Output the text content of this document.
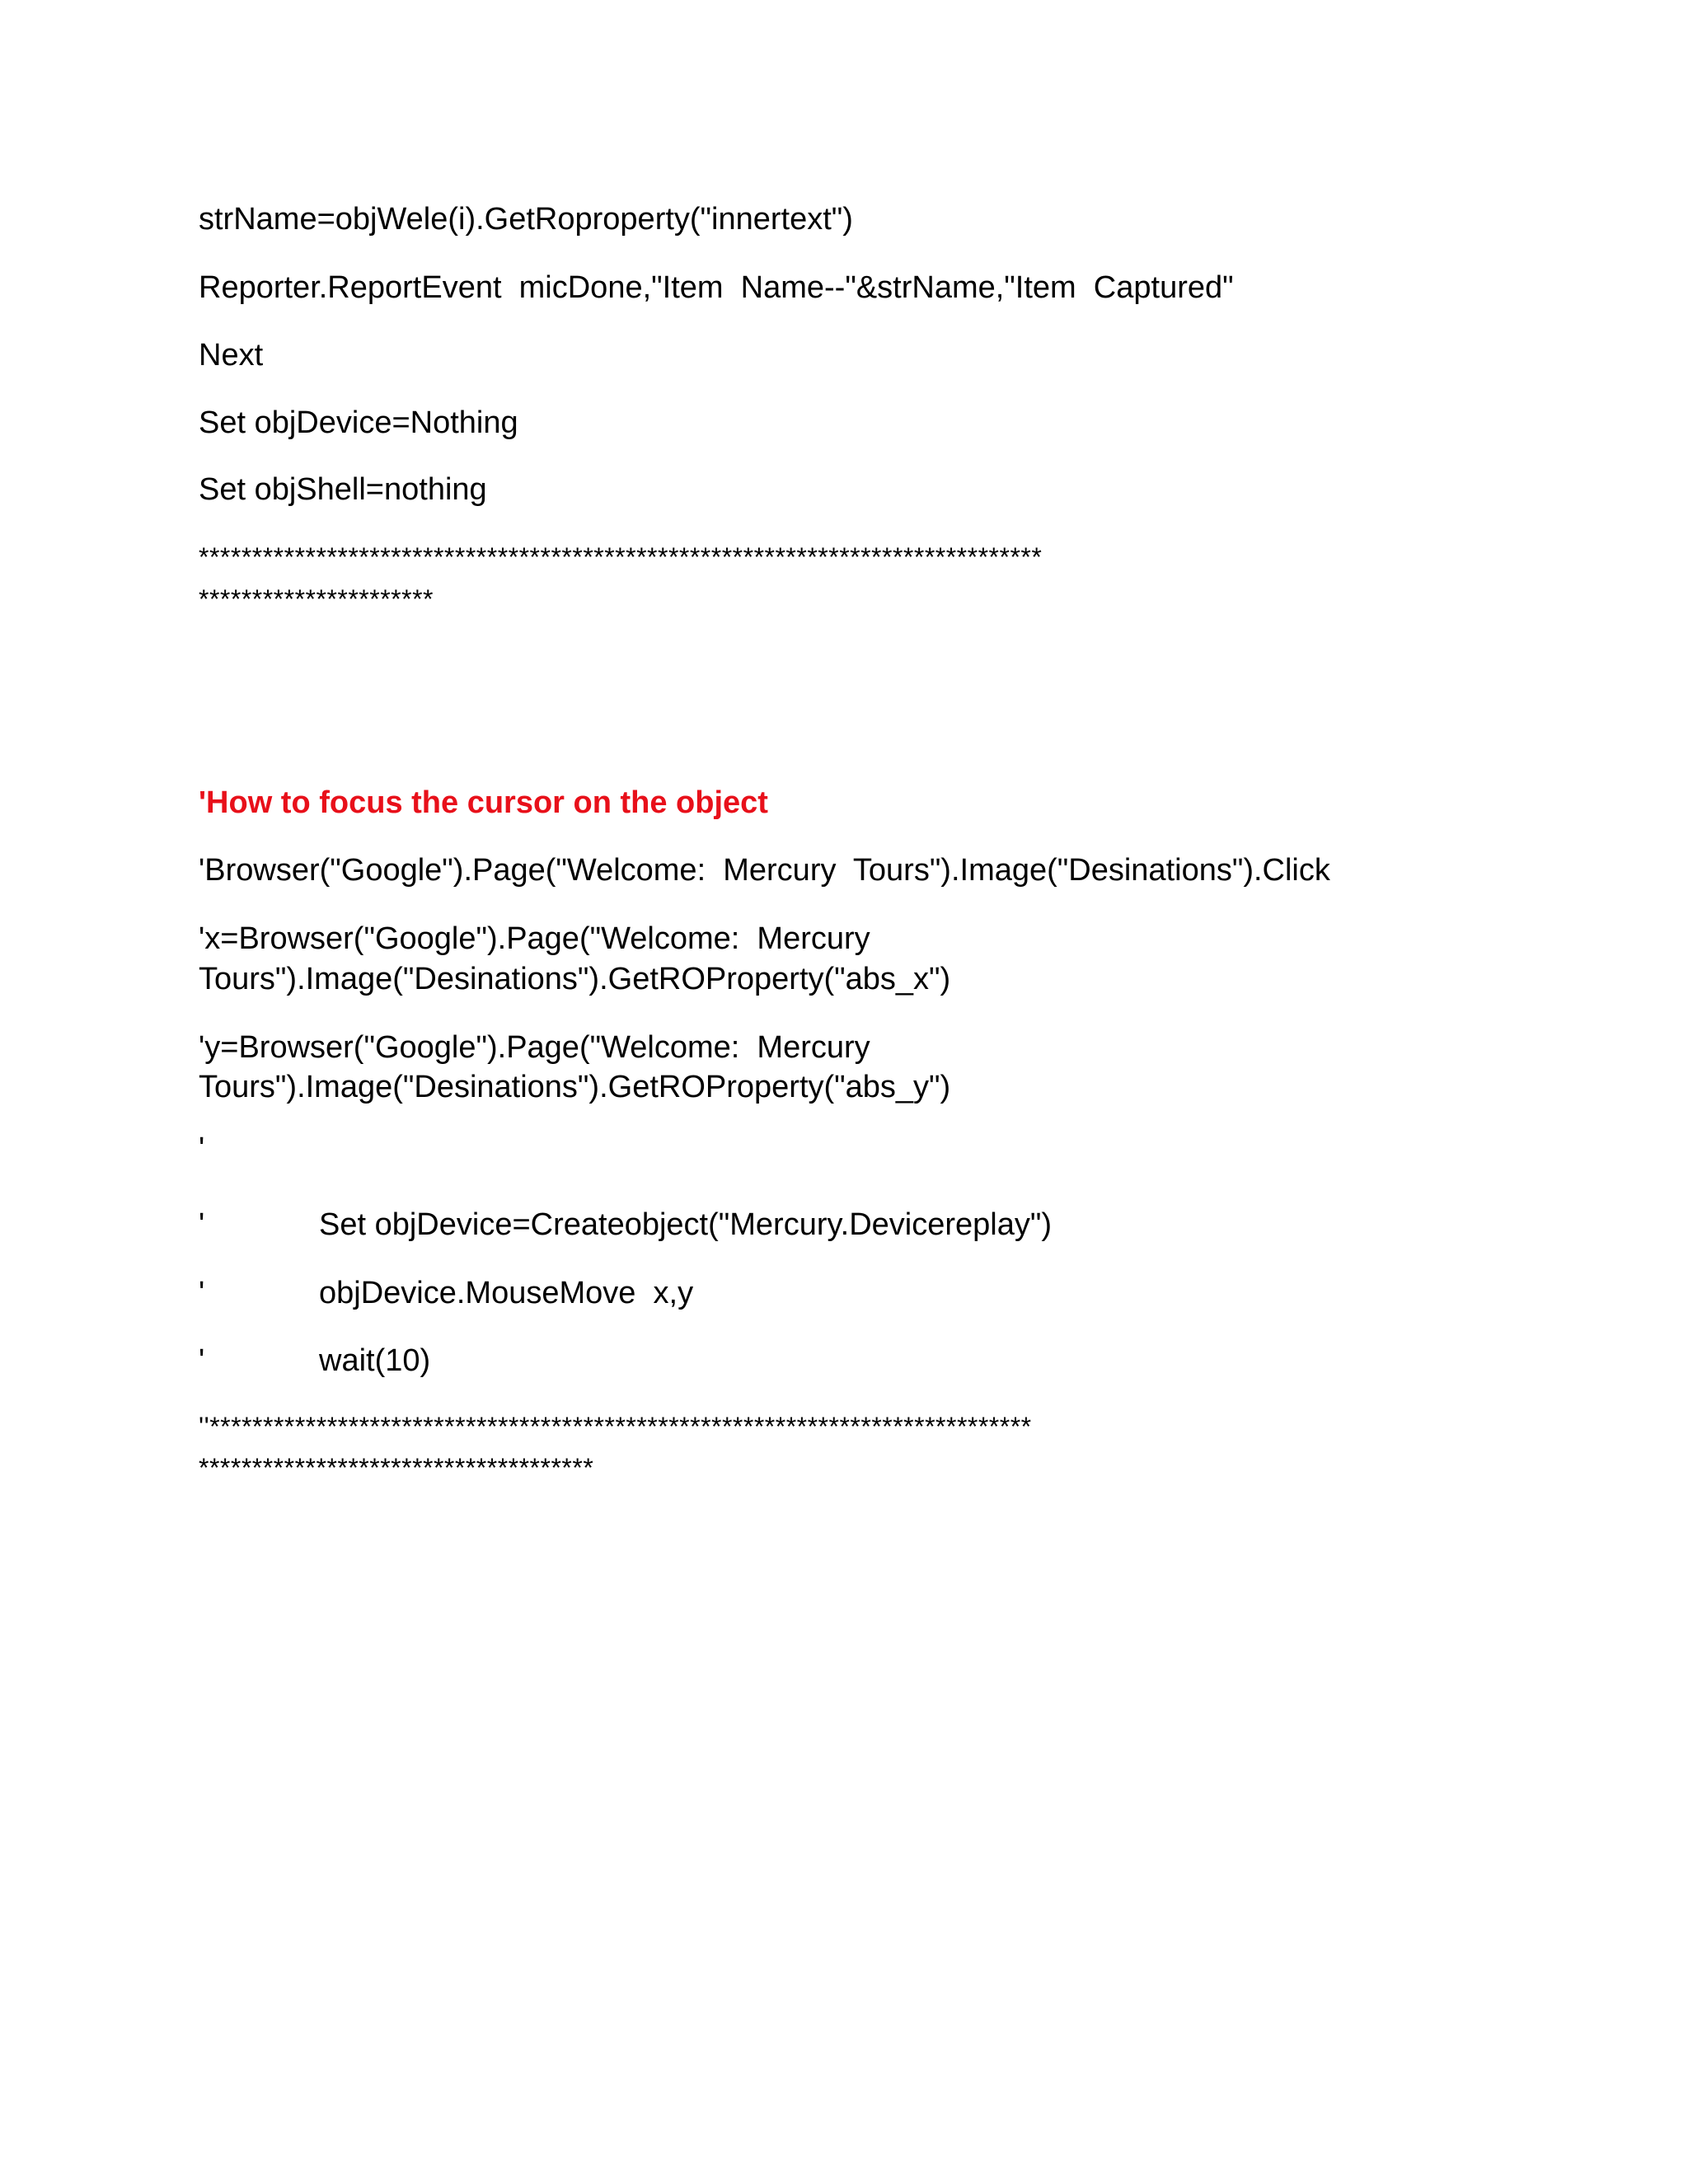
strName=objWele(i).GetRoproperty("innertext")

Reporter.ReportEvent  micDone,"Item  Name--"&strName,"Item  Captured"

Next

Set objDevice=Nothing

Set objShell=nothing

*******************************************************************************

**********************

'How to focus the cursor on the object

'Browser("Google").Page("Welcome:  Mercury  Tours").Image("Desinations").Click

'x=Browser("Google").Page("Welcome:  Mercury

Tours").Image("Desinations").GetROProperty("abs_x")

'y=Browser("Google").Page("Welcome:  Mercury

Tours").Image("Desinations").GetROProperty("abs_y")

'

'	Set objDevice=Createobject("Mercury.Devicereplay")

'	objDevice.MouseMove  x,y

'	wait(10)

''*****************************************************************************

*************************************
